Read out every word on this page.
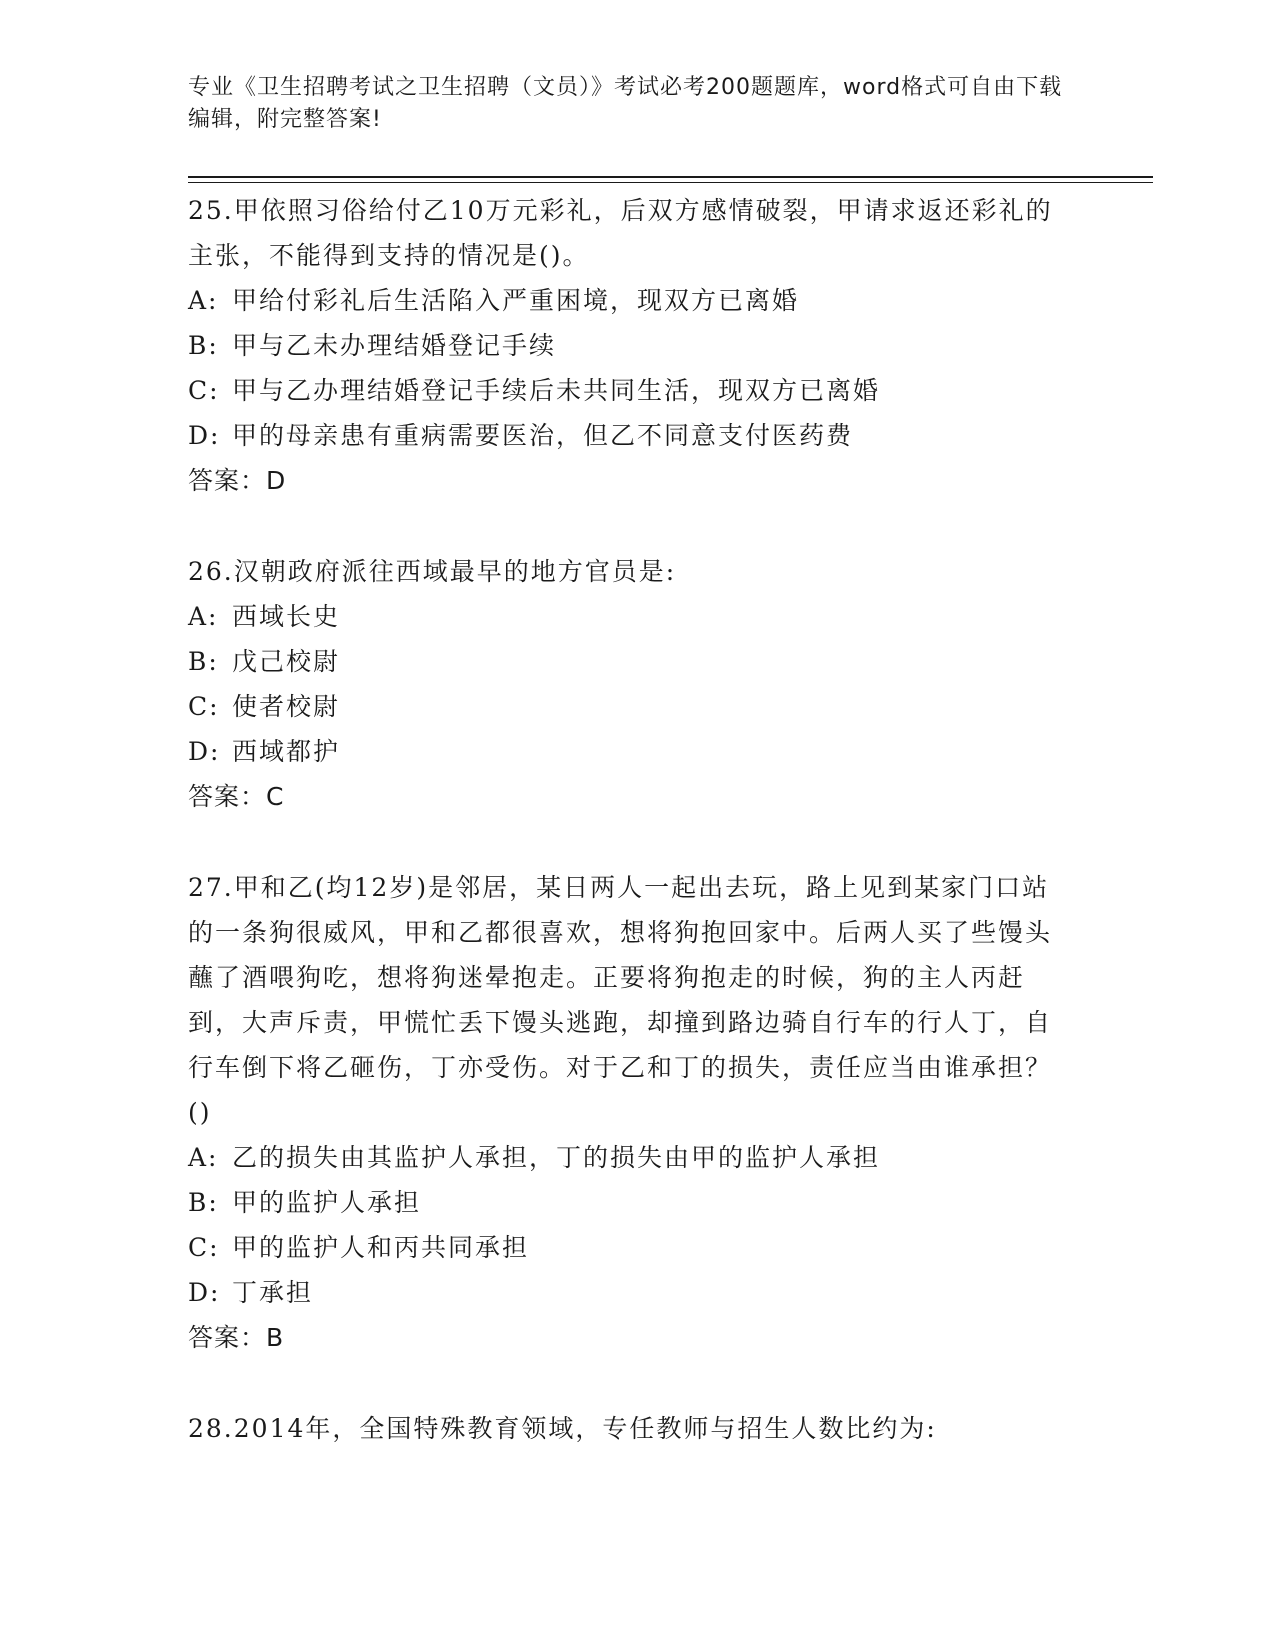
专业《卫生招聘考试之卫生招聘（文员）》考试必考200题题库，word格式可自由下载编辑，附完整答案!
25.甲依照习俗给付乙10万元彩礼，后双方感情破裂，甲请求返还彩礼的主张，不能得到支持的情况是()。
A: 甲给付彩礼后生活陷入严重困境，现双方已离婚
B: 甲与乙未办理结婚登记手续
C: 甲与乙办理结婚登记手续后未共同生活，现双方已离婚
D: 甲的母亲患有重病需要医治，但乙不同意支付医药费
答案：D
26.汉朝政府派往西域最早的地方官员是:
A: 西域长史
B: 戊己校尉
C: 使者校尉
D: 西域都护
答案：C
27.甲和乙(均12岁)是邻居，某日两人一起出去玩，路上见到某家门口站的一条狗很威风，甲和乙都很喜欢，想将狗抱回家中。后两人买了些馒头蘸了酒喂狗吃，想将狗迷晕抱走。正要将狗抱走的时候，狗的主人丙赶到，大声斥责，甲慌忙丢下馒头逃跑，却撞到路边骑自行车的行人丁，自行车倒下将乙砸伤，丁亦受伤。对于乙和丁的损失，责任应当由谁承担？()
A: 乙的损失由其监护人承担，丁的损失由甲的监护人承担
B: 甲的监护人承担
C: 甲的监护人和丙共同承担
D: 丁承担
答案：B
28.2014年，全国特殊教育领域，专任教师与招生人数比约为:
